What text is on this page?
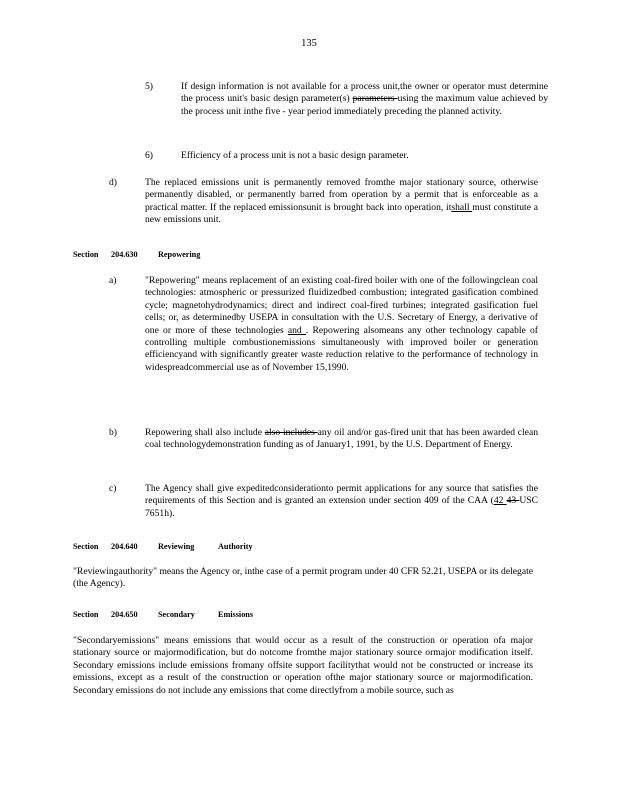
135
5)	If design information is not available for a process unit,the owner or operator must determine the process unit's basic design parameter(s) parameters using the maximum value achieved by the process unit inthe five - year period immediately preceding the planned activity.
6)	Efficiency of a process unit is not a basic design parameter.
d)	The replaced emissions unit is permanently removed fromthe major stationary source, otherwise permanently disabled, or permanently barred from operation by a permit that is enforceable as a practical matter. If the replaced emissionsunit is brought back into operation, itshall must constitute a new emissions unit.
Section 204.630 Repowering
a)	"Repowering" means replacement of an existing coal-fired boiler with one of the followingclean coal technologies: atmospheric or pressurized fluidizedbed combustion; integrated gasification combined cycle; magnetohydrodynamics; direct and indirect coal-fired turbines; integrated gasification fuel cells; or, as determinedby USEPA in consultation with the U.S. Secretary of Energy, a derivative of one or more of these technologies and . Repowering alsomeans any other technology capable of controlling multiple combustionemissions simultaneously with improved boiler or generation efficiencyand with significantly greater waste reduction relative to the performance of technology in widespreadcommercial use as of November 15,1990.
b)	Repowering shall also include also includes any oil and/or gas-fired unit that has been awarded clean coal technologydemonstration funding as of January1, 1991, by the U.S. Department of Energy.
c)	The Agency shall give expeditedconsiderationto permit applications for any source that satisfies the requirements of this Section and is granted an extension under section 409 of the CAA (42 43 USC 7651h).
Section 204.640 Reviewing	Authority
"Reviewingauthority" means the Agency or, inthe case of a permit program under 40 CFR 52.21, USEPA or its delegate (the Agency).
Section 204.650 Secondary	Emissions
"Secondaryemissions" means emissions that would occur as a result of the construction or operation ofa major stationary source or majormodification, but do notcome fromthe major stationary source ormajor modification itself. Secondary emissions include emissions fromany offsite support facilitythat would not be constructed or increase its emissions, except as a result of the construction or operation ofthe major stationary source or majormodification. Secondary emissions do not include any emissions that come directlyfrom a mobile source, such as
